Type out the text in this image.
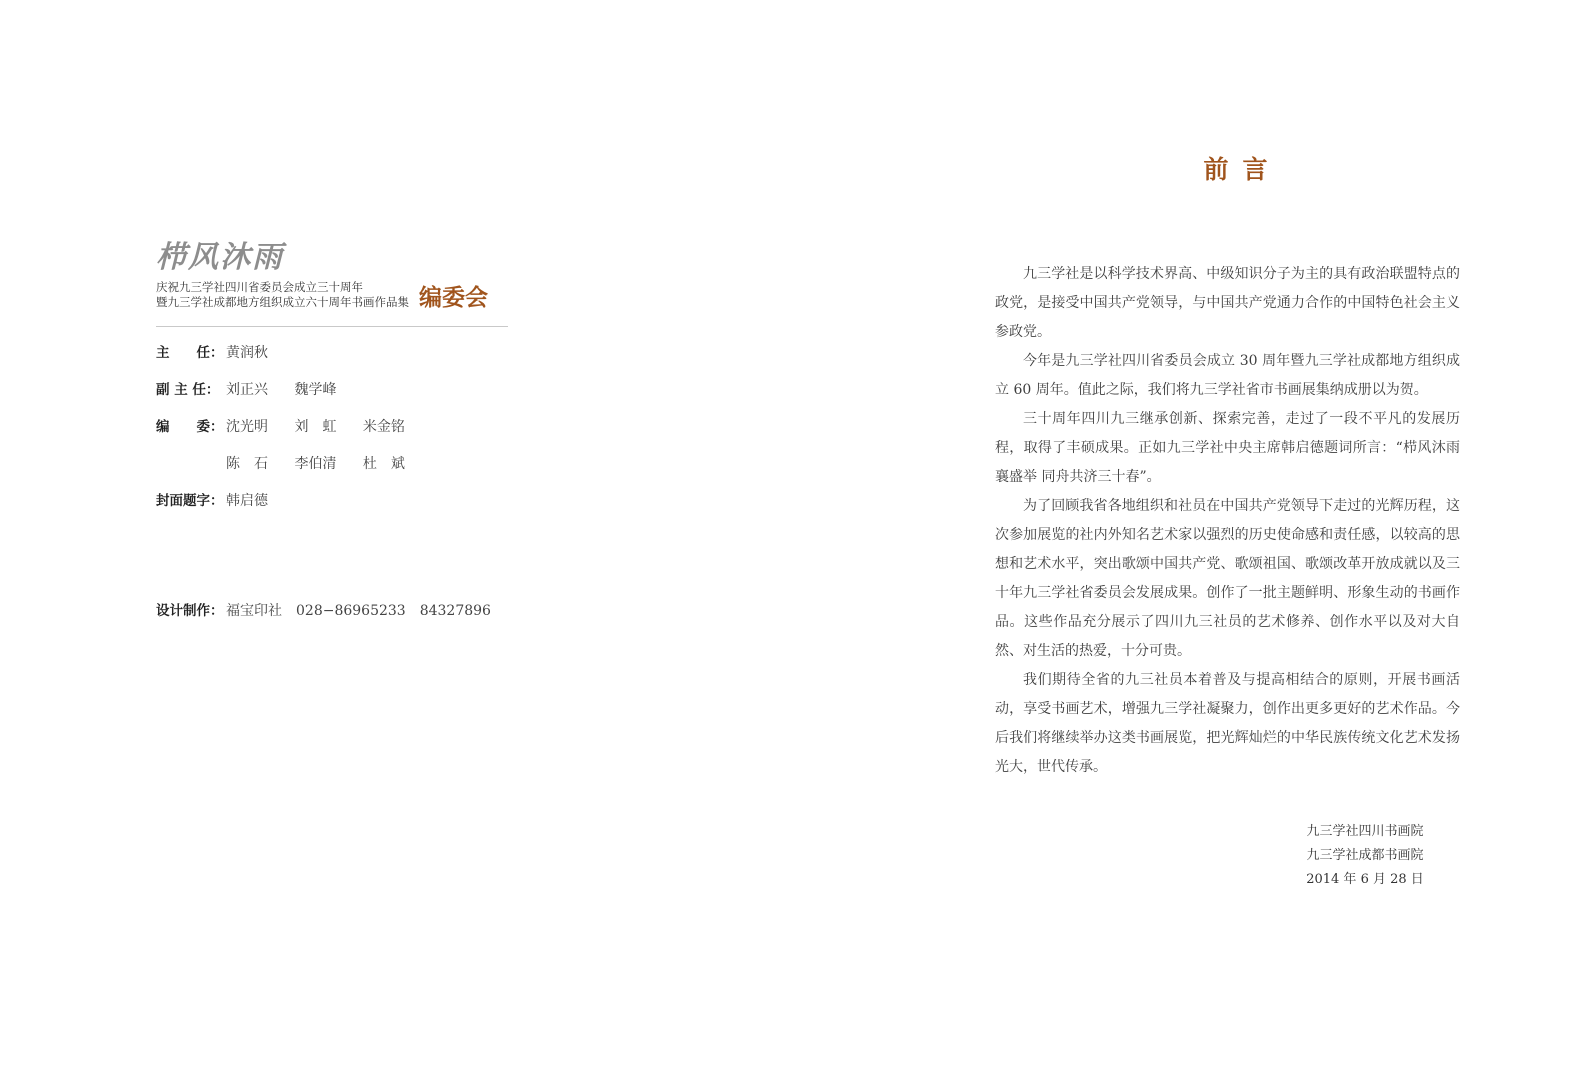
栉风沐雨
庆祝九三学社四川省委员会成立三十周年
暨九三学社成都地方组织成立六十周年书画作品集 编委会
主　　任： 黄润秋
副 主 任： 刘正兴 魏学峰
编　　委： 沈光明 刘　虹 米金铭
陈　石 李伯清 杜　斌
封面题字： 韩启德
设计制作： 福宝印社　028−86965233　84327896
前言

九三学社是以科学技术界高、中级知识分子为主的具有政治联盟特点的政党，是接受中国共产党领导，与中国共产党通力合作的中国特色社会主义参政党。

今年是九三学社四川省委员会成立 30 周年暨九三学社成都地方组织成立 60 周年。值此之际，我们将九三学社省市书画展集纳成册以为贺。

三十周年四川九三继承创新、探索完善，走过了一段不平凡的发展历程，取得了丰硕成果。正如九三学社中央主席韩启德题词所言：“栉风沐雨襄盛举 同舟共济三十春”。

为了回顾我省各地组织和社员在中国共产党领导下走过的光辉历程，这次参加展览的社内外知名艺术家以强烈的历史使命感和责任感，以较高的思想和艺术水平，突出歌颂中国共产党、歌颂祖国、歌颂改革开放成就以及三十年九三学社省委员会发展成果。创作了一批主题鲜明、形象生动的书画作品。这些作品充分展示了四川九三社员的艺术修养、创作水平以及对大自然、对生活的热爱，十分可贵。

我们期待全省的九三社员本着普及与提高相结合的原则，开展书画活动，享受书画艺术，增强九三学社凝聚力，创作出更多更好的艺术作品。今后我们将继续举办这类书画展览，把光辉灿烂的中华民族传统文化艺术发扬光大，世代传承。

九三学社四川书画院
九三学社成都书画院
2014 年 6 月 28 日
